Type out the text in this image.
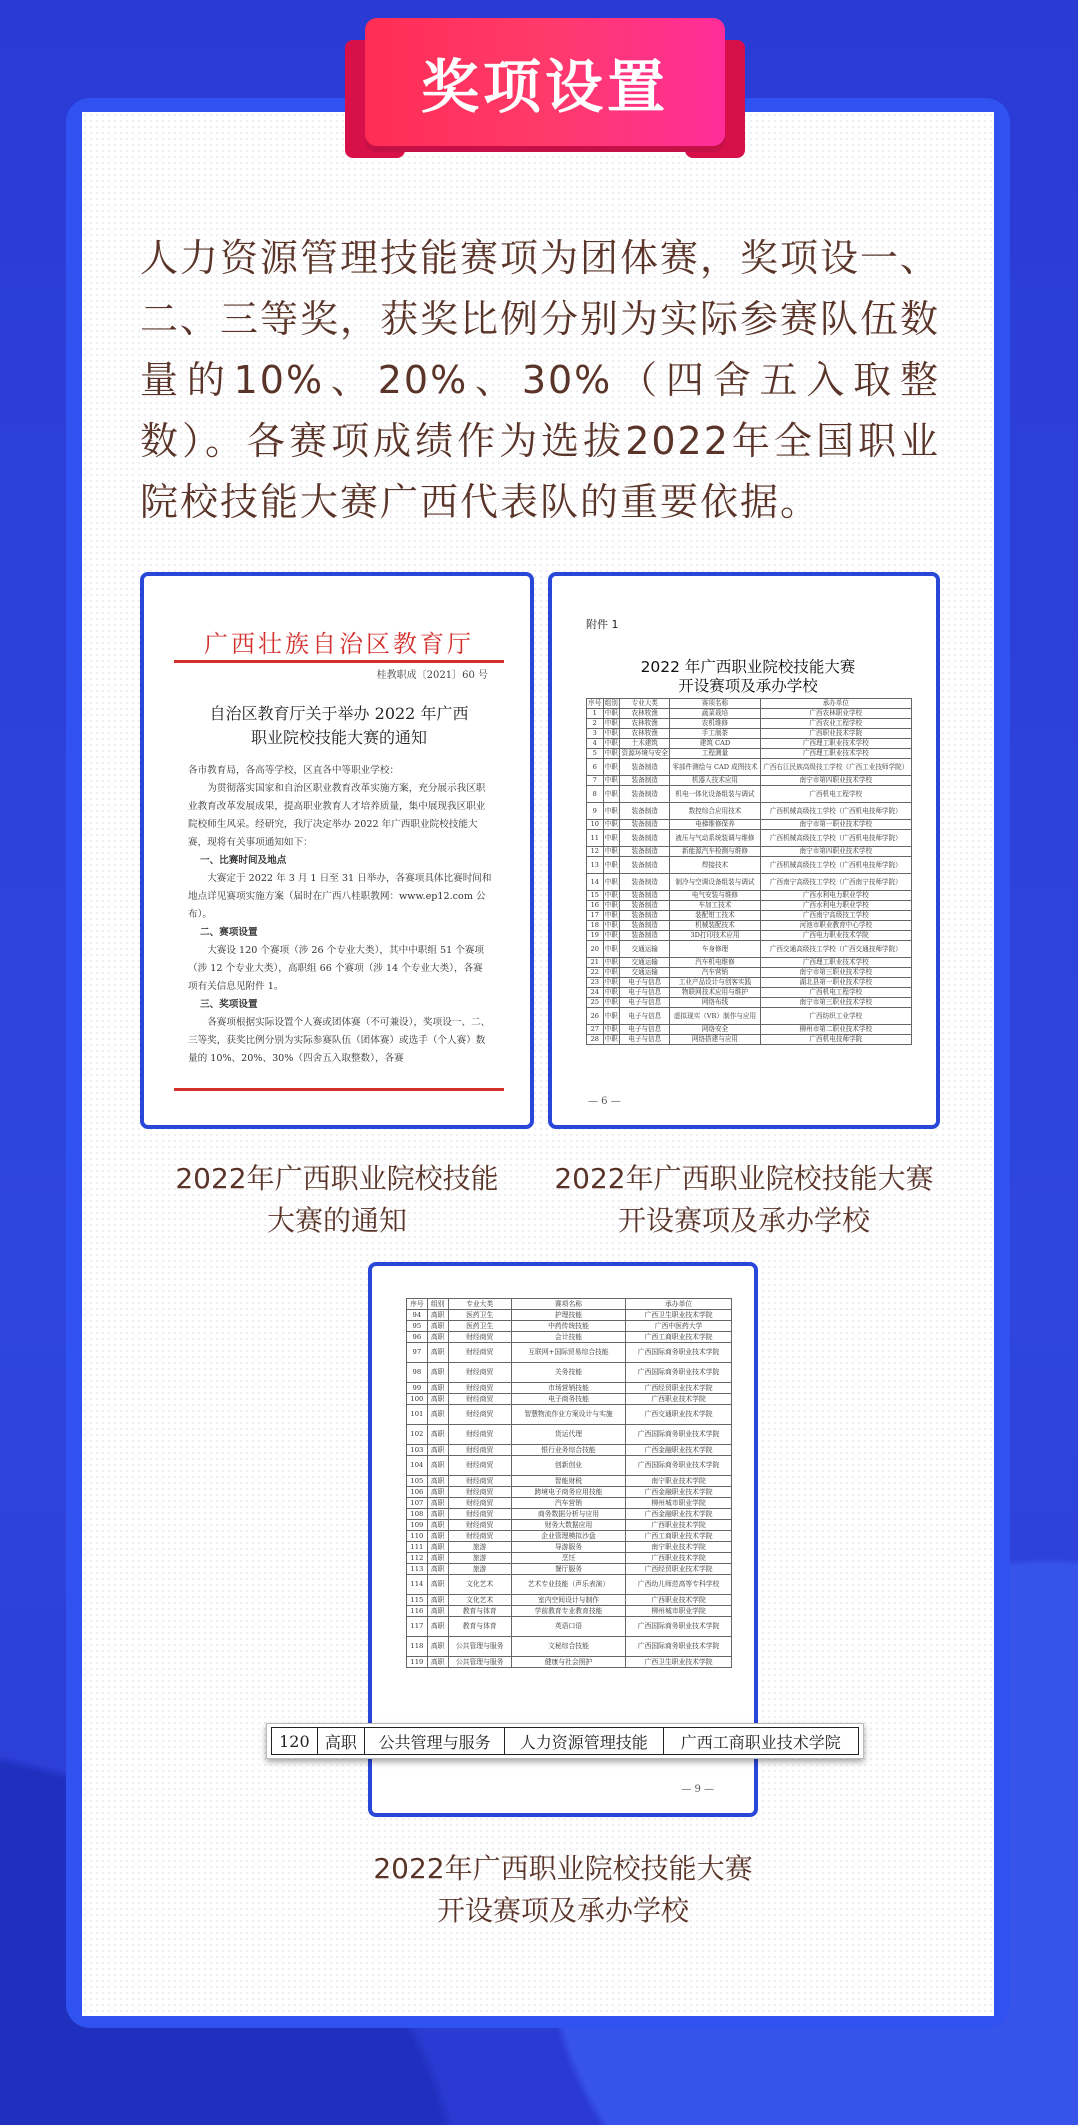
奖项设置
人力资源管理技能赛项为团体赛，奖项设一、二、三等奖，获奖比例分别为实际参赛队伍数量的10%、20%、30%（四舍五入取整数）。各赛项成绩作为选拔2022年全国职业院校技能大赛广西代表队的重要依据。
广西壮族自治区教育厅
桂教职成〔2021〕60 号
自治区教育厅关于举办 2022 年广西
职业院校技能大赛的通知

各市教育局，各高等学校，区直各中等职业学校：

为贯彻落实国家和自治区职业教育改革实施方案，充分展示我区职业教育改革发展成果，提高职业教育人才培养质量，集中展现我区职业院校师生风采。经研究，我厅决定举办 2022 年广西职业院校技能大赛，现将有关事项通知如下：

一、比赛时间及地点

大赛定于 2022 年 3 月 1 日至 31 日举办，各赛项具体比赛时间和地点详见赛项实施方案（届时在广西八桂职教网：www.ep12.com 公布）。

二、赛项设置

大赛设 120 个赛项（涉 26 个专业大类），其中中职组 51 个赛项（涉 12 个专业大类），高职组 66 个赛项（涉 14 个专业大类），各赛项有关信息见附件 1。

三、奖项设置

各赛项根据实际设置个人赛或团体赛（不可兼设），奖项设一、二、三等奖，获奖比例分别为实际参赛队伍（团体赛）或选手（个人赛）数量的 10%、20%、30%（四舍五入取整数），各赛

附件 1
2022 年广西职业院校技能大赛
开设赛项及承办学校
序号	组别	专业大类	赛项名称	承办单位
1	中职	农林牧渔	蔬菜栽培	广西农林职业学校
2	中职	农林牧渔	农机维修	广西农业工程学校
3	中职	农林牧渔	手工制茶	广西职业技术学院
4	中职	土木建筑	建筑 CAD	广西理工职业技术学校
5	中职	资源环境与安全	工程测量	广西理工职业技术学校
6	中职	装备制造	零部件测绘与 CAD 成图技术	广西右江民族高级技工学校（广西工业技师学院）
7	中职	装备制造	机器人技术应用	南宁市第四职业技术学校
8	中职	装备制造	机电一体化设备组装与调试	广西机电工程学校
9	中职	装备制造	数控综合应用技术	广西机械高级技工学校（广西机电技师学院）
10	中职	装备制造	电梯维修保养	南宁市第一职业技术学校
11	中职	装备制造	液压与气动系统装调与维修	广西机械高级技工学校（广西机电技师学院）
12	中职	装备制造	新能源汽车检测与维修	南宁市第四职业技术学校
13	中职	装备制造	焊接技术	广西机械高级技工学校（广西机电技师学院）
14	中职	装备制造	制冷与空调设备组装与调试	广西南宁高级技工学校（广西南宁技师学院）
15	中职	装备制造	电气安装与维修	广西水利电力职业学校
16	中职	装备制造	车加工技术	广西水利电力职业学校
17	中职	装备制造	装配钳工技术	广西南宁高级技工学校
18	中职	装备制造	机械装配技术	河池市职业教育中心学校
19	中职	装备制造	3D打印技术应用	广西电力职业技术学院
20	中职	交通运输	车身修理	广西交通高级技工学校（广西交通技师学院）
21	中职	交通运输	汽车机电维修	广西理工职业技术学校
22	中职	交通运输	汽车营销	南宁市第三职业技术学校
23	中职	电子与信息	工业产品设计与创客实践	湖北县第一职业技术学校
24	中职	电子与信息	物联网技术应用与维护	广西机电工程学校
25	中职	电子与信息	网络布线	南宁市第三职业技术学校
26	中职	电子与信息	虚拟现实（VR）制作与应用	广西纺织工业学校
27	中职	电子与信息	网络安全	柳州市第二职业技术学校
28	中职	电子与信息	网络搭建与应用	广西机电技师学院
— 6 —
序号	组别	专业大类	赛项名称	承办单位
94	高职	医药卫生	护理技能	广西卫生职业技术学院
95	高职	医药卫生	中药传统技能	广西中医药大学
96	高职	财经商贸	会计技能	广西工商职业技术学院
97	高职	财经商贸	互联网+国际贸易综合技能	广西国际商务职业技术学院
98	高职	财经商贸	关务技能	广西国际商务职业技术学院
99	高职	财经商贸	市场营销技能	广西经贸职业技术学院
100	高职	财经商贸	电子商务技能	广西职业技术学院
101	高职	财经商贸	智慧物流作业方案设计与实施	广西交通职业技术学院
102	高职	财经商贸	货运代理	广西国际商务职业技术学院
103	高职	财经商贸	银行业务综合技能	广西金融职业技术学院
104	高职	财经商贸	创新创业	广西国际商务职业技术学院
105	高职	财经商贸	智能财税	南宁职业技术学院
106	高职	财经商贸	跨境电子商务应用技能	广西金融职业技术学院
107	高职	财经商贸	汽车营销	柳州城市职业学院
108	高职	财经商贸	商务数据分析与应用	广西金融职业技术学院
109	高职	财经商贸	财务大数据应用	广西职业技术学院
110	高职	财经商贸	企业管理模拟沙盘	广西工商职业技术学院
111	高职	旅游	导游服务	南宁职业技术学院
112	高职	旅游	烹饪	广西职业技术学院
113	高职	旅游	餐厅服务	广西经贸职业技术学院
114	高职	文化艺术	艺术专业技能（声乐表演）	广西幼儿师范高等专科学校
115	高职	文化艺术	室内空间设计与制作	广西职业技术学院
116	高职	教育与体育	学前教育专业教育技能	柳州城市职业学院
117	高职	教育与体育	英语口语	广西国际商务职业技术学院
118	高职	公共管理与服务	文秘综合技能	广西国际商务职业技术学院
119	高职	公共管理与服务	健康与社会照护	广西卫生职业技术学院
— 9 —
120	高职	公共管理与服务	人力资源管理技能	广西工商职业技术学院
2022年广西职业院校技能
大赛的通知
2022年广西职业院校技能大赛
开设赛项及承办学校
2022年广西职业院校技能大赛
开设赛项及承办学校
